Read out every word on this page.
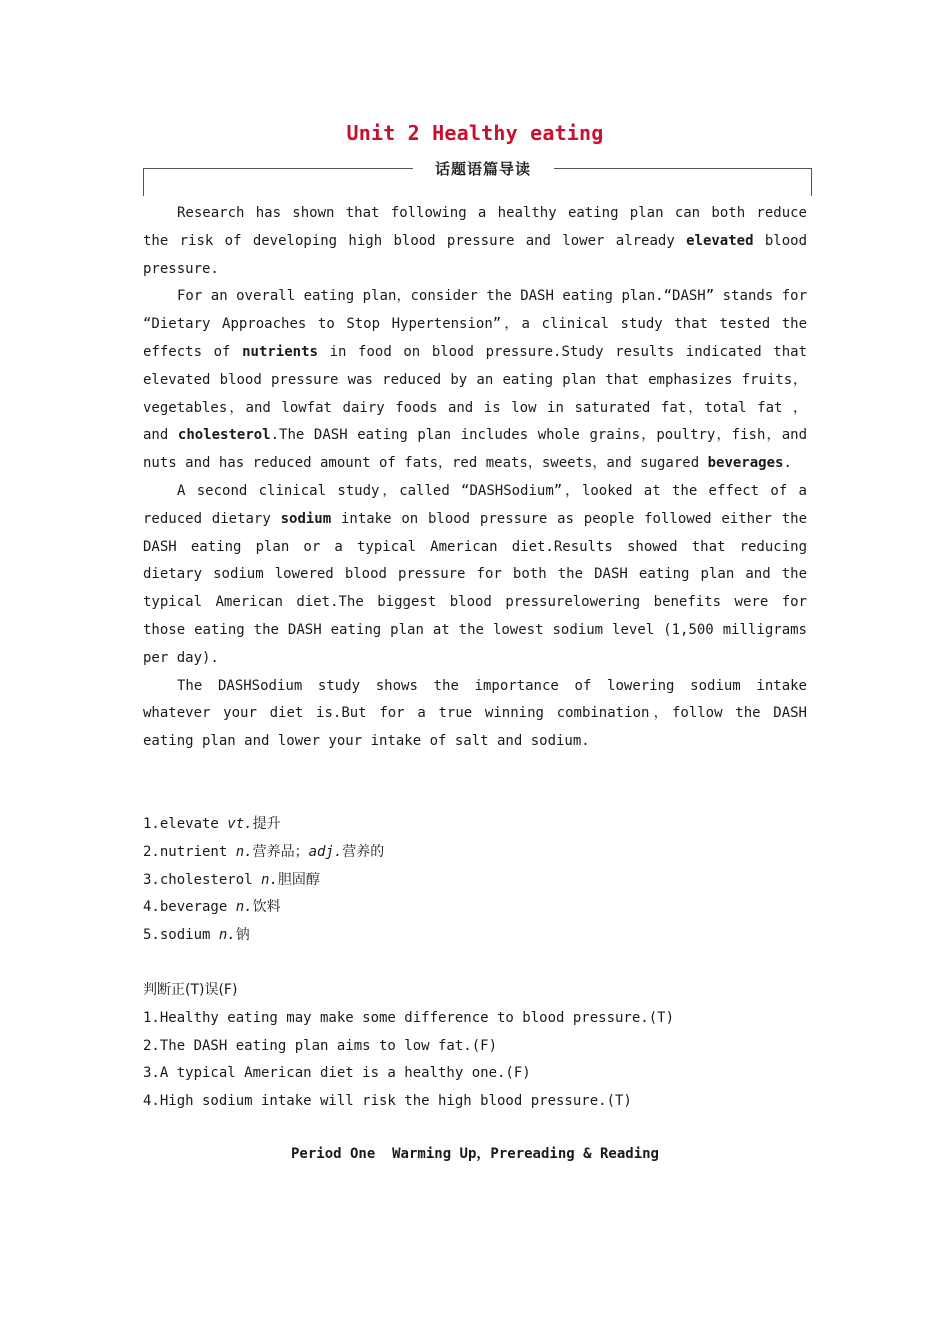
Unit 2 Healthy eating
话题语篇导读

Research has shown that following a healthy eating plan can both reduce the risk of developing high blood pressure and lower already elevated blood pressure.

For an overall eating plan，consider the DASH eating plan.“DASH” stands for “Dietary Approaches to Stop Hypertension”，a clinical study that tested the effects of nutrients in food on blood pressure.Study results indicated that elevated blood pressure was reduced by an eating plan that emphasizes fruits，vegetables，and lowfat dairy foods and is low in saturated fat，total fat ， and cholesterol.The DASH eating plan includes whole grains，poultry，fish，and nuts and has reduced amount of fats，red meats，sweets，and sugared beverages.

A second clinical study，called “DASHSodium”，looked at the effect of a reduced dietary sodium intake on blood pressure as people followed either the DASH eating plan or a typical American diet.Results showed that reducing dietary sodium lowered blood pressure for both the DASH eating plan and the typical American diet.The biggest blood pressurelowering benefits were for those eating the DASH eating plan at the lowest sodium level (1,500 milligrams per day).

The DASHSodium study shows the importance of lowering sodium intake whatever your diet is.But for a true winning combination，follow the DASH eating plan and lower your intake of salt and sodium.

1.elevate vt.提升
2.nutrient n.营养品；adj.营养的
3.cholesterol n.胆固醇
4.beverage n.饮料
5.sodium n.钠
判断正(T)误(F)
1.Healthy eating may make some difference to blood pressure.(T)
2.The DASH eating plan aims to low fat.(F)
3.A typical American diet is a healthy one.(F)
4.High sodium intake will risk the high blood pressure.(T)
Period One  Warming Up，Prereading & Reading
